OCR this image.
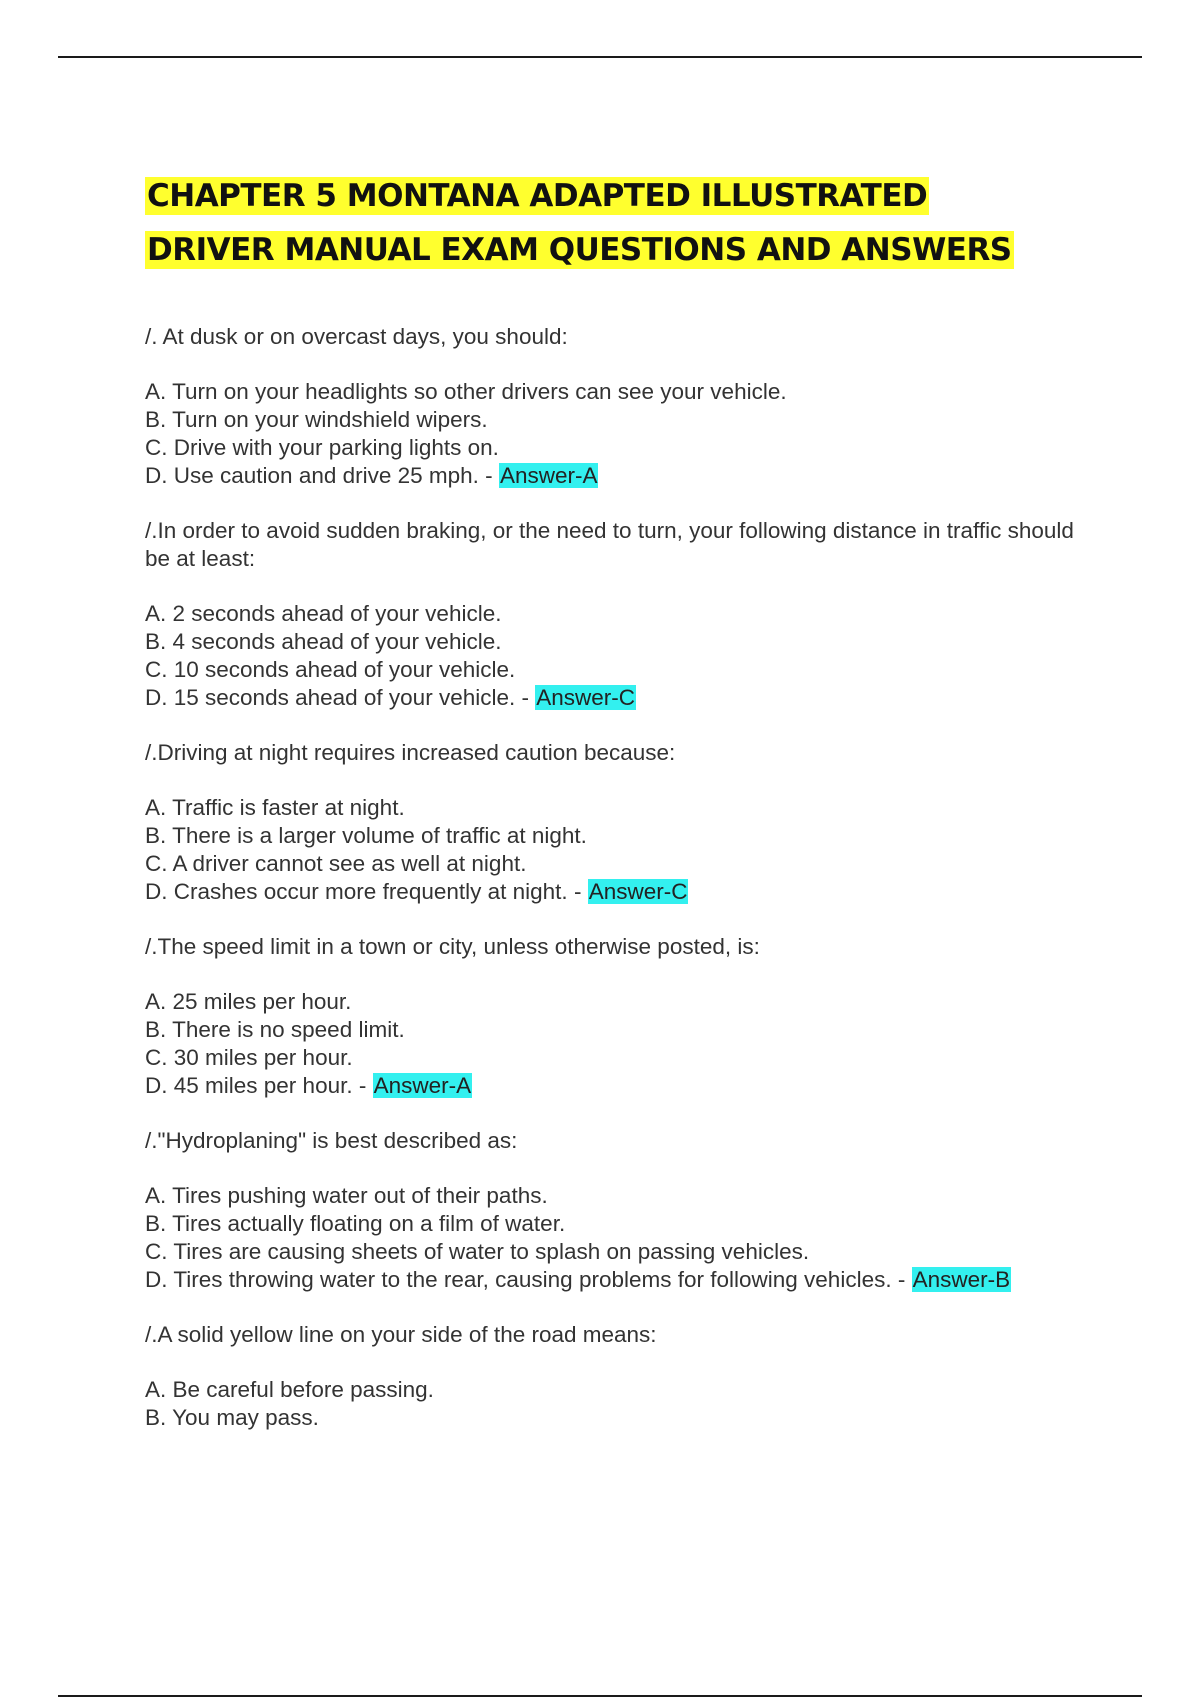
CHAPTER 5 MONTANA ADAPTED ILLUSTRATED
DRIVER MANUAL EXAM QUESTIONS AND ANSWERS
/. At dusk or on overcast days, you should:
A. Turn on your headlights so other drivers can see your vehicle.
B. Turn on your windshield wipers.
C. Drive with your parking lights on.
D. Use caution and drive 25 mph. - Answer-A
/.In order to avoid sudden braking, or the need to turn, your following distance in traffic should be at least:
A. 2 seconds ahead of your vehicle.
B. 4 seconds ahead of your vehicle.
C. 10 seconds ahead of your vehicle.
D. 15 seconds ahead of your vehicle. - Answer-C
/.Driving at night requires increased caution because:
A. Traffic is faster at night.
B. There is a larger volume of traffic at night.
C. A driver cannot see as well at night.
D. Crashes occur more frequently at night. - Answer-C
/.The speed limit in a town or city, unless otherwise posted, is:
A. 25 miles per hour.
B. There is no speed limit.
C. 30 miles per hour.
D. 45 miles per hour. - Answer-A
/."Hydroplaning" is best described as:
A. Tires pushing water out of their paths.
B. Tires actually floating on a film of water.
C. Tires are causing sheets of water to splash on passing vehicles.
D. Tires throwing water to the rear, causing problems for following vehicles. - Answer-B
/.A solid yellow line on your side of the road means:
A. Be careful before passing.
B. You may pass.
